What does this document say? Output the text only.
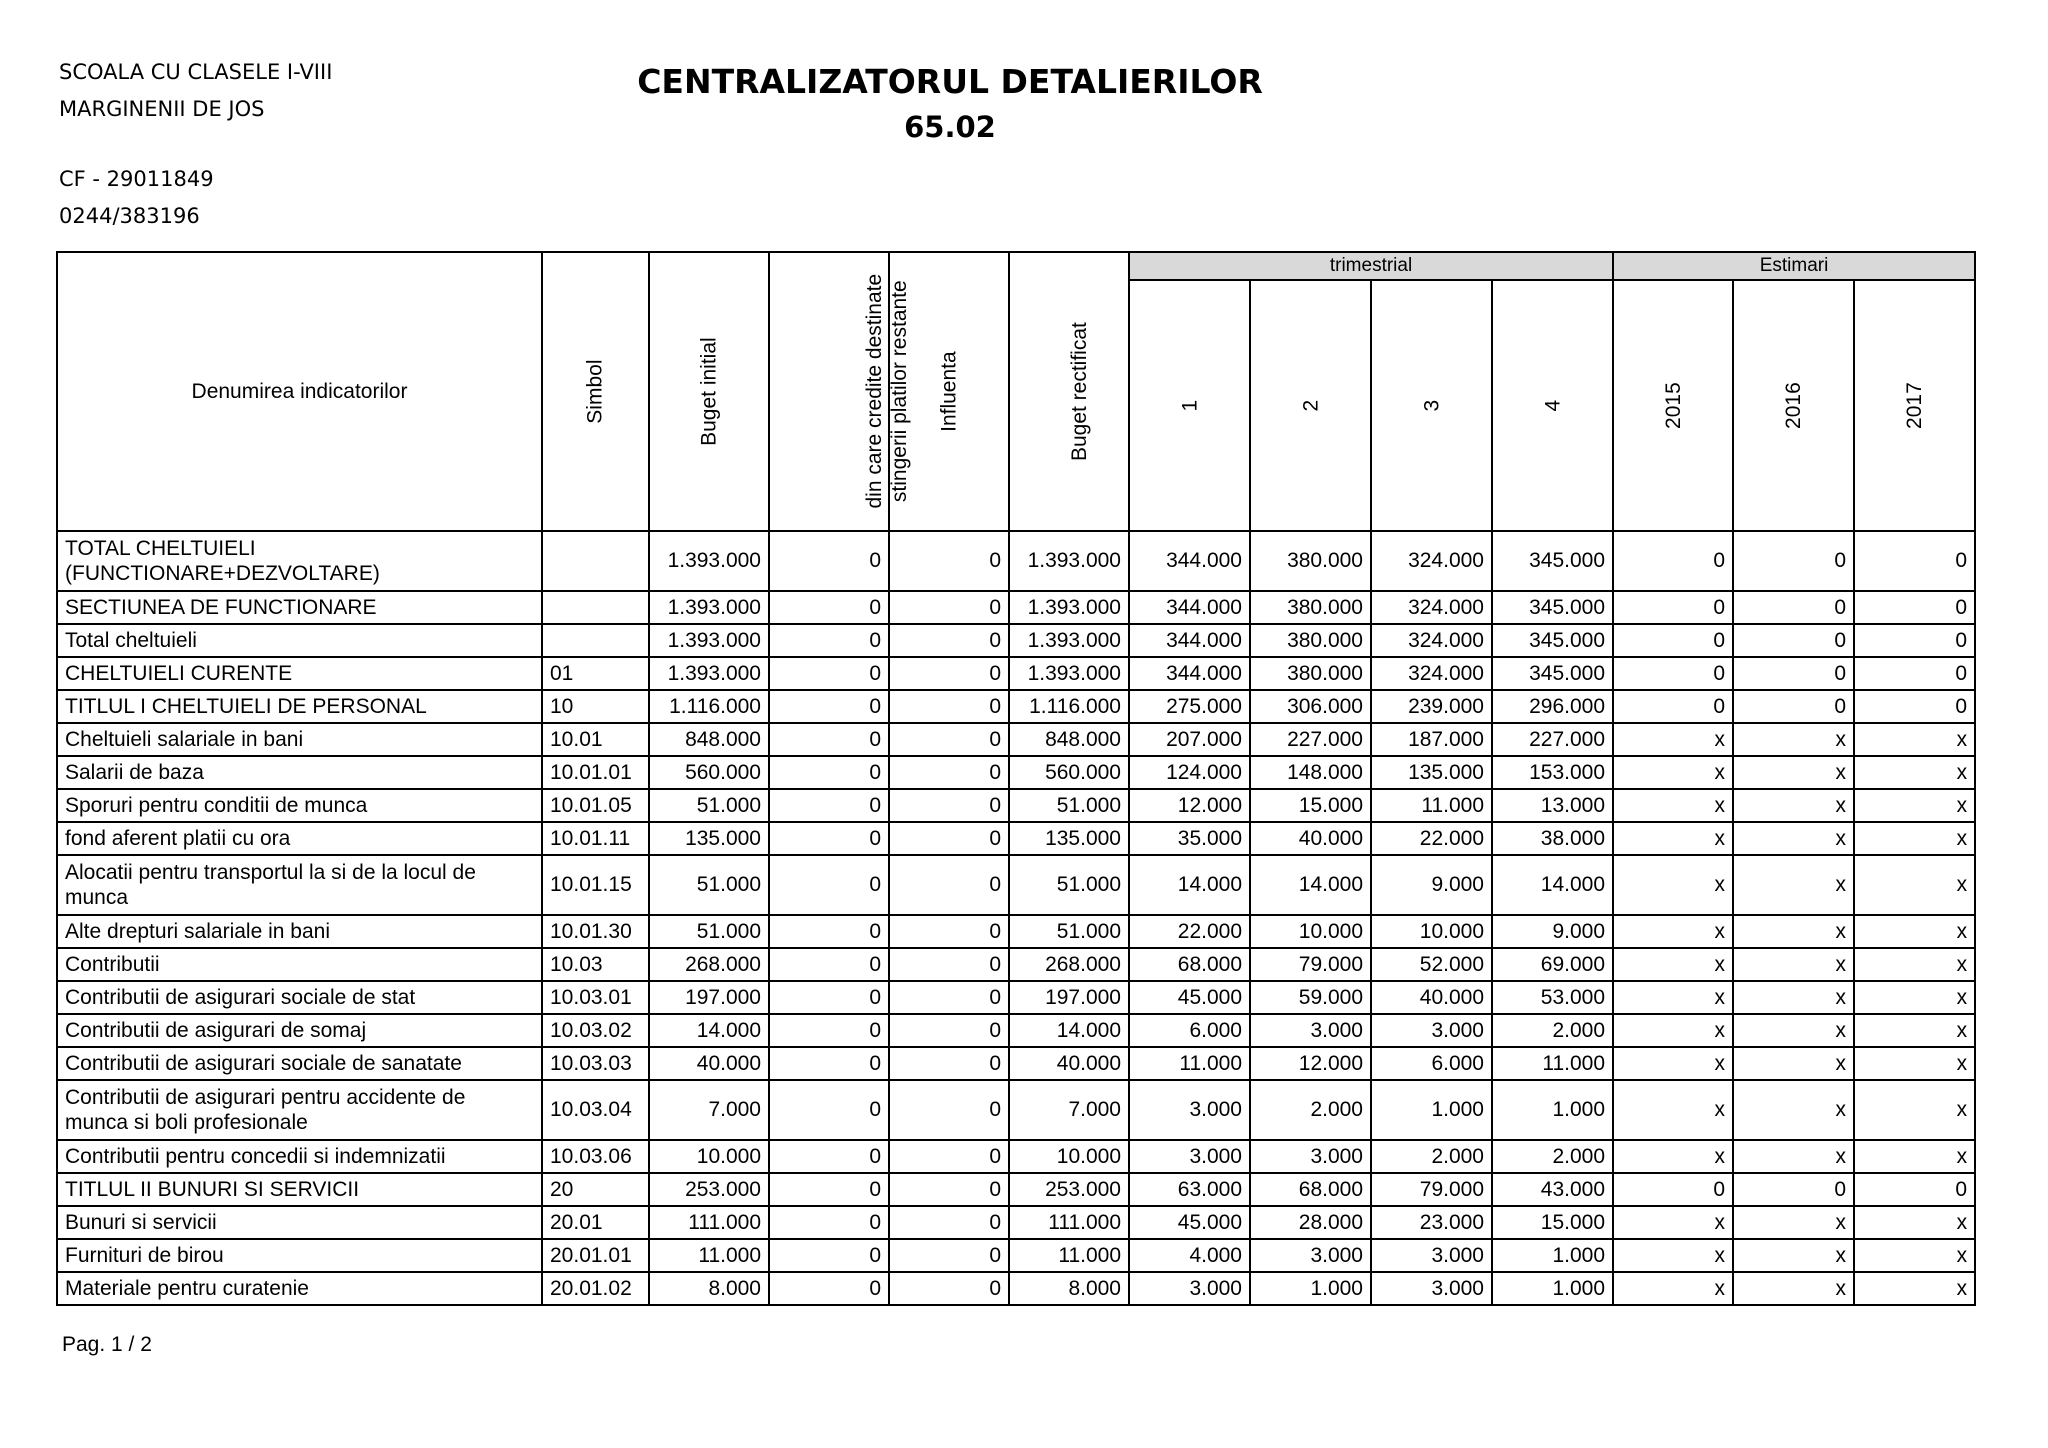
SCOALA CU CLASELE I-VIII
MARGINENII DE JOS
CF - 29011849
0244/383196
CENTRALIZATORUL DETALIERILOR
65.02
Denumirea indicatorilor	Simbol	Buget initial	din care credite destinate stingerii platilor restante	Influenta	Buget rectificat	trimestrial				Estimari		
						1	2	3	4	2015	2016	2017
TOTAL CHELTUIELI (FUNCTIONARE+DEZVOLTARE)		1.393.000	0	0	1.393.000	344.000	380.000	324.000	345.000	0	0	0
SECTIUNEA DE FUNCTIONARE		1.393.000	0	0	1.393.000	344.000	380.000	324.000	345.000	0	0	0
Total cheltuieli		1.393.000	0	0	1.393.000	344.000	380.000	324.000	345.000	0	0	0
CHELTUIELI CURENTE	01	1.393.000	0	0	1.393.000	344.000	380.000	324.000	345.000	0	0	0
TITLUL I CHELTUIELI DE PERSONAL	10	1.116.000	0	0	1.116.000	275.000	306.000	239.000	296.000	0	0	0
Cheltuieli salariale in bani	10.01	848.000	0	0	848.000	207.000	227.000	187.000	227.000	x	x	x
Salarii de baza	10.01.01	560.000	0	0	560.000	124.000	148.000	135.000	153.000	x	x	x
Sporuri pentru conditii de munca	10.01.05	51.000	0	0	51.000	12.000	15.000	11.000	13.000	x	x	x
fond aferent platii cu ora	10.01.11	135.000	0	0	135.000	35.000	40.000	22.000	38.000	x	x	x
Alocatii pentru transportul la si de la locul de munca	10.01.15	51.000	0	0	51.000	14.000	14.000	9.000	14.000	x	x	x
Alte drepturi salariale in bani	10.01.30	51.000	0	0	51.000	22.000	10.000	10.000	9.000	x	x	x
Contributii	10.03	268.000	0	0	268.000	68.000	79.000	52.000	69.000	x	x	x
Contributii de asigurari sociale de stat	10.03.01	197.000	0	0	197.000	45.000	59.000	40.000	53.000	x	x	x
Contributii de asigurari de somaj	10.03.02	14.000	0	0	14.000	6.000	3.000	3.000	2.000	x	x	x
Contributii de asigurari sociale de sanatate	10.03.03	40.000	0	0	40.000	11.000	12.000	6.000	11.000	x	x	x
Contributii de asigurari pentru accidente de munca si boli profesionale	10.03.04	7.000	0	0	7.000	3.000	2.000	1.000	1.000	x	x	x
Contributii pentru concedii si indemnizatii	10.03.06	10.000	0	0	10.000	3.000	3.000	2.000	2.000	x	x	x
TITLUL II BUNURI SI SERVICII	20	253.000	0	0	253.000	63.000	68.000	79.000	43.000	0	0	0
Bunuri si servicii	20.01	111.000	0	0	111.000	45.000	28.000	23.000	15.000	x	x	x
Furnituri de birou	20.01.01	11.000	0	0	11.000	4.000	3.000	3.000	1.000	x	x	x
Materiale pentru curatenie	20.01.02	8.000	0	0	8.000	3.000	1.000	3.000	1.000	x	x	x
Pag. 1 / 2
